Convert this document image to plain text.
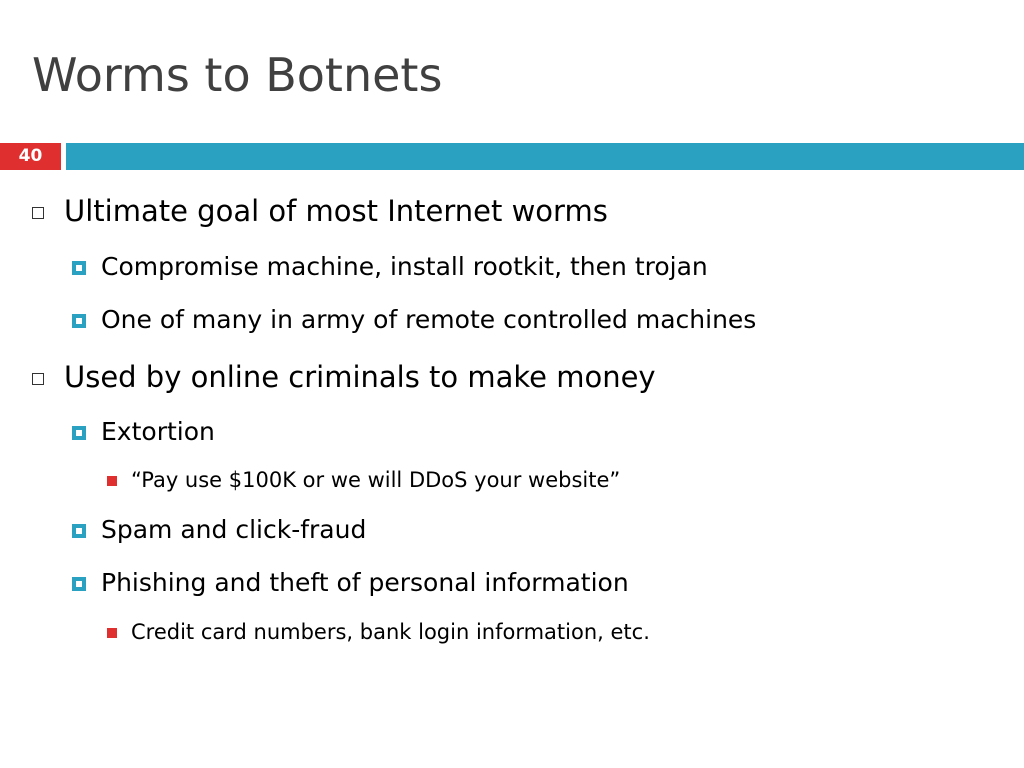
Worms to Botnets
40
Ultimate goal of most Internet worms
Compromise machine, install rootkit, then trojan
One of many in army of remote controlled machines
Used by online criminals to make money
Extortion
“Pay use $100K or we will DDoS your website”
Spam and click-fraud
Phishing and theft of personal information
Credit card numbers, bank login information, etc.
